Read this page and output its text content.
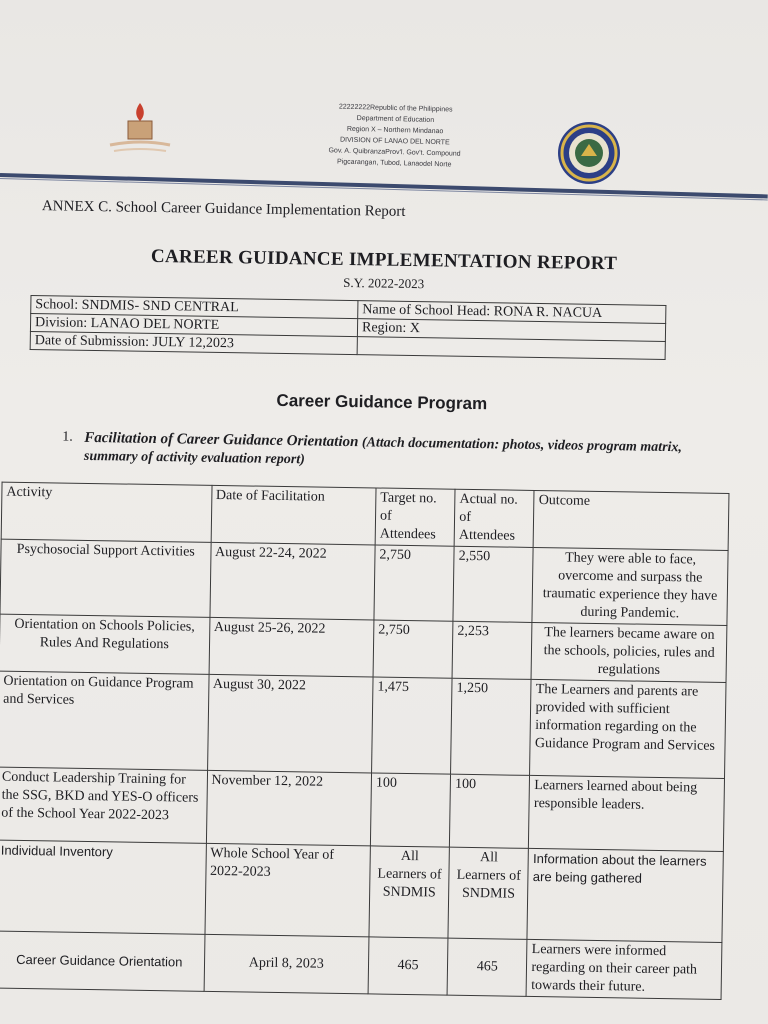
22222222Republic of the Philippines
Department of Education
Region X – Northern Mindanao
DIVISION OF LANAO DEL NORTE
Gov. A. QuibranzaProv'l. Gov't. Compound
Pigcarangan, Tubod, Lanaodel Norte
ANNEX C. School Career Guidance Implementation Report
CAREER GUIDANCE IMPLEMENTATION REPORT
S.Y. 2022-2023
School: SNDMIS- SND CENTRAL	Name of School Head: RONA R. NACUA
Division: LANAO DEL NORTE	Region: X
Date of Submission: JULY 12,2023	
Career Guidance Program
1. Facilitation of Career Guidance Orientation (Attach documentation: photos, videos program matrix, summary of activity evaluation report)
Activity	Date of Facilitation	Target no. of Attendees	Actual no. of Attendees	Outcome
Psychosocial Support Activities	August 22-24, 2022	2,750	2,550	They were able to face, overcome and surpass the traumatic experience they have during Pandemic.
Orientation on Schools Policies, Rules And Regulations	August 25-26, 2022	2,750	2,253	The learners became aware on the schools, policies, rules and regulations
Orientation on Guidance Program and Services	August 30, 2022	1,475	1,250	The Learners and parents are provided with sufficient information regarding on the Guidance Program and Services
Conduct Leadership Training for the SSG, BKD and YES-O officers of the School Year 2022-2023	November 12, 2022	100	100	Learners learned about being responsible leaders.
Individual Inventory	Whole School Year of 2022-2023	All Learners of SNDMIS	All Learners of SNDMIS	Information about the learners are being gathered
Career Guidance Orientation	April 8, 2023	465	465	Learners were informed regarding on their career path towards their future.
